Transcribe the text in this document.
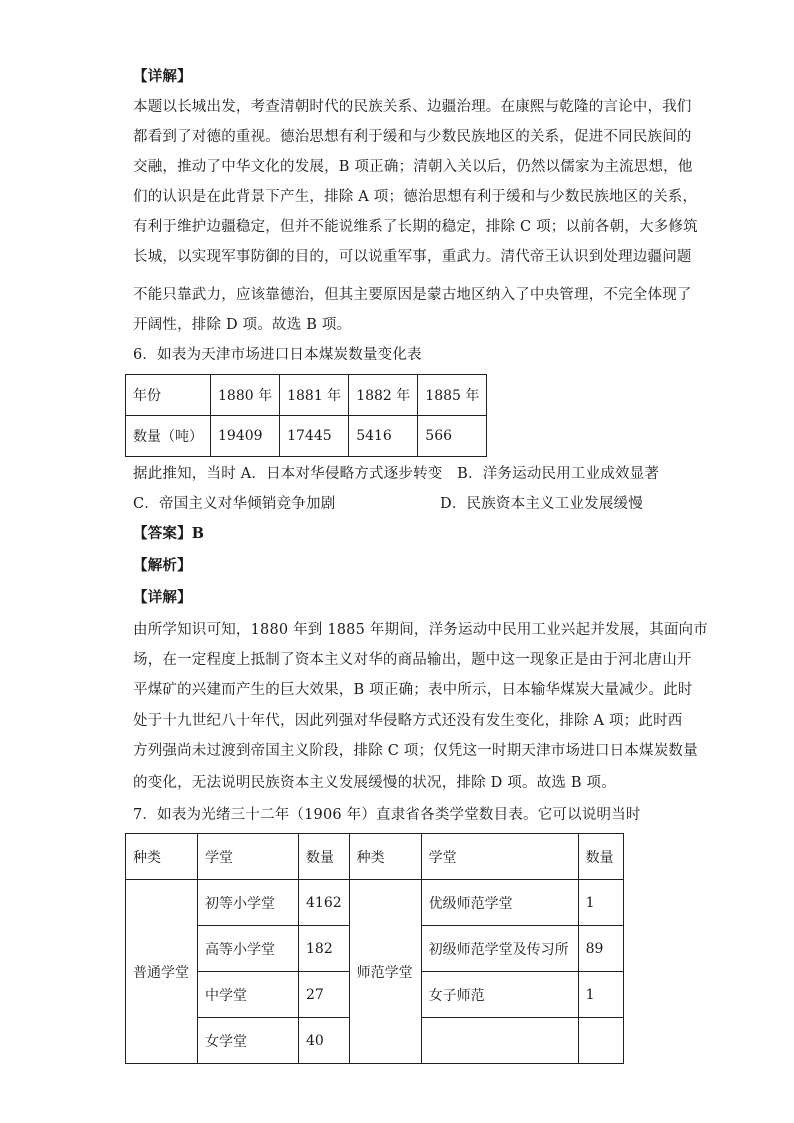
【详解】
本题以长城出发，考查清朝时代的民族关系、边疆治理。在康熙与乾隆的言论中，我们
都看到了对德的重视。德治思想有利于缓和与少数民族地区的关系，促进不同民族间的
交融，推动了中华文化的发展，B 项正确；清朝入关以后，仍然以儒家为主流思想，他
们的认识是在此背景下产生，排除 A 项；德治思想有利于缓和与少数民族地区的关系，
有利于维护边疆稳定，但并不能说维系了长期的稳定，排除 C 项；以前各朝，大多修筑
长城，以实现军事防御的目的，可以说重军事，重武力。清代帝王认识到处理边疆问题
不能只靠武力，应该靠德治，但其主要原因是蒙古地区纳入了中央管理，不完全体现了
开阔性，排除 D 项。故选 B 项。
6．如表为天津市场进口日本煤炭数量变化表
年份	1880 年	1881 年	1882 年	1885 年
数量（吨）	19409	17445	5416	566
据此推知，当时 A．日本对华侵略方式逐步转变　B．洋务运动民用工业成效显著
C．帝国主义对华倾销竞争加剧	D．民族资本主义工业发展缓慢
【答案】B
【解析】
【详解】
由所学知识可知，1880 年到 1885 年期间，洋务运动中民用工业兴起并发展，其面向市
场，在一定程度上抵制了资本主义对华的商品输出，题中这一现象正是由于河北唐山开
平煤矿的兴建而产生的巨大效果，B 项正确；表中所示，日本输华煤炭大量减少。此时
处于十九世纪八十年代，因此列强对华侵略方式还没有发生变化，排除 A 项；此时西
方列强尚未过渡到帝国主义阶段，排除 C 项；仅凭这一时期天津市场进口日本煤炭数量
的变化，无法说明民族资本主义发展缓慢的状况，排除 D 项。故选 B 项。
7．如表为光绪三十二年（1906 年）直隶省各类学堂数目表。它可以说明当时
种类	学堂	数量	种类	学堂	数量
普通学堂	初等小学堂	4162	师范学堂	优级师范学堂	1
	高等小学堂	182		初级师范学堂及传习所	89
	中学堂	27		女子师范	1
	女学堂	40			
